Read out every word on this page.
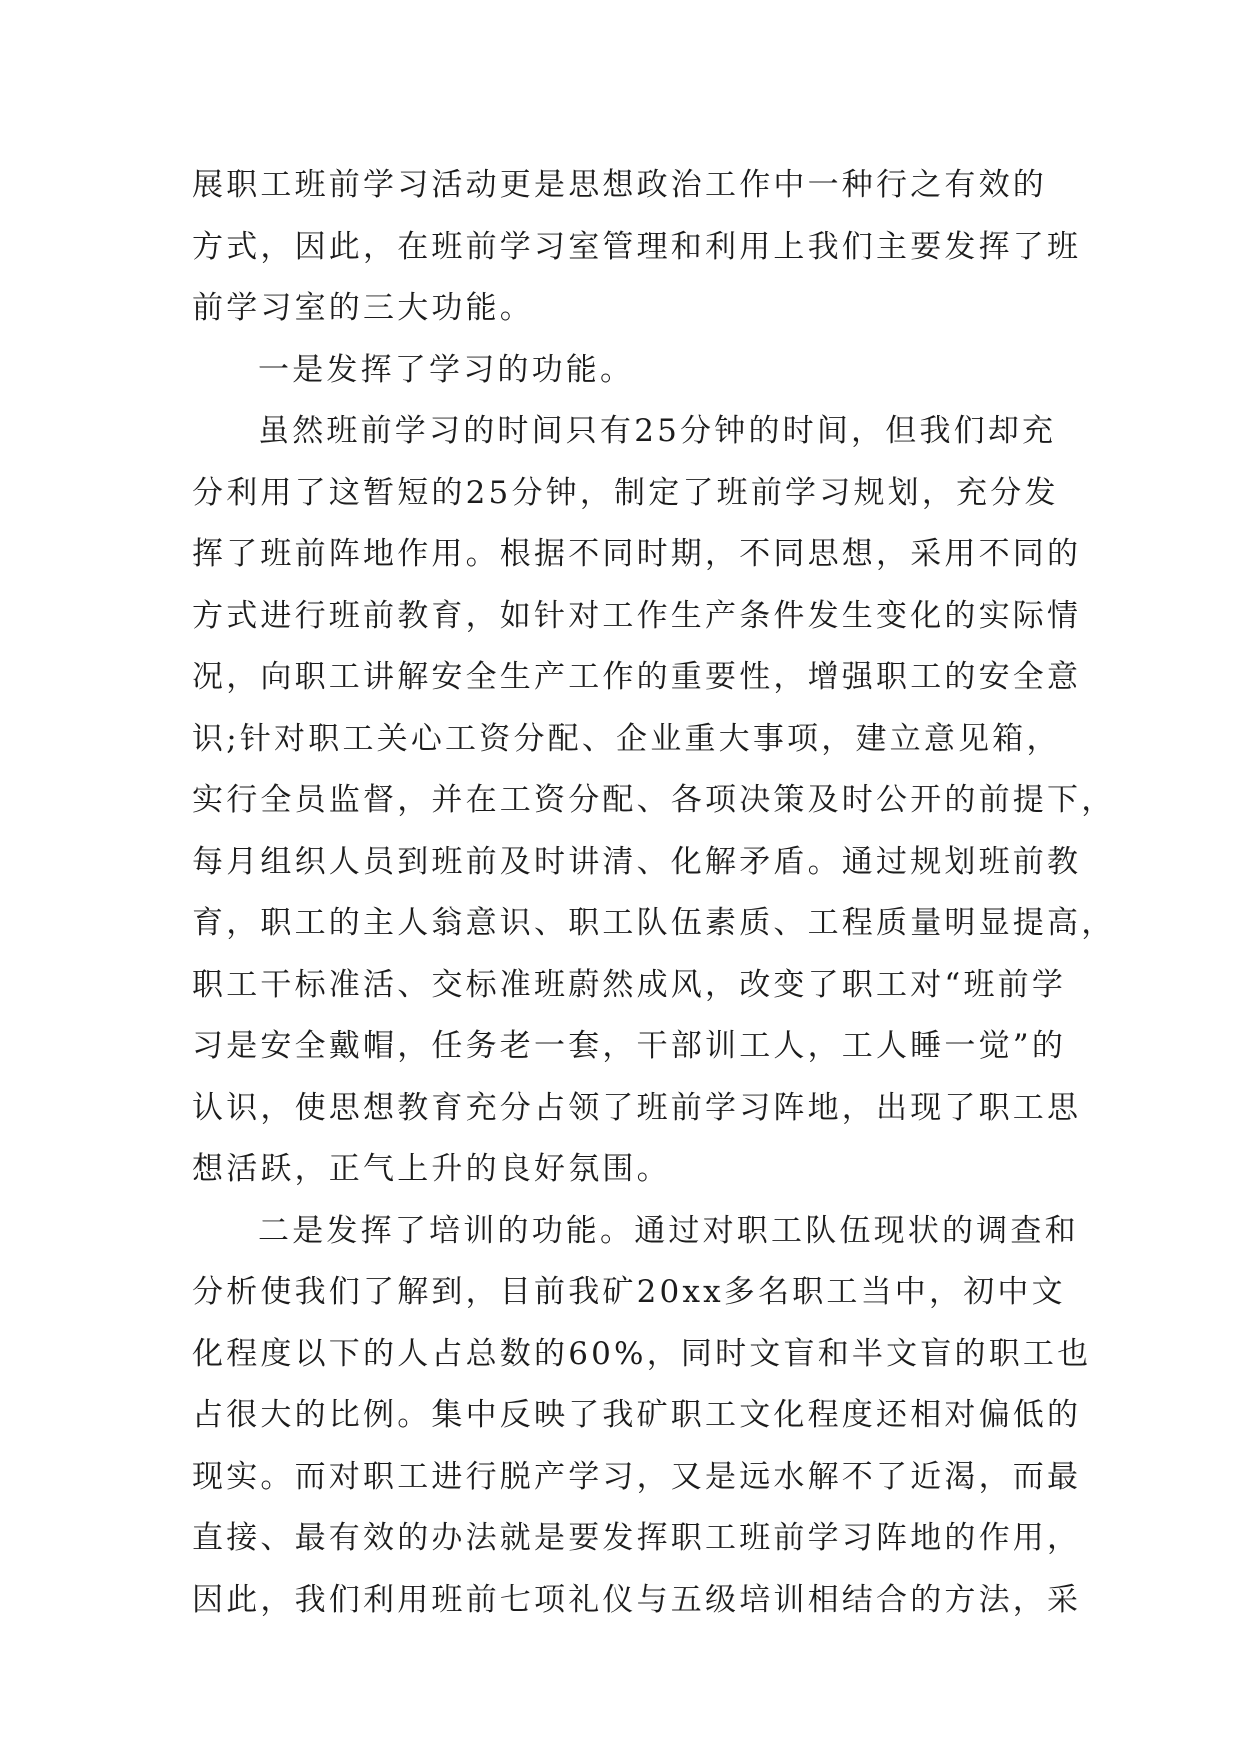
展职工班前学习活动更是思想政治工作中一种行之有效的
方式，因此，在班前学习室管理和利用上我们主要发挥了班
前学习室的三大功能。
一是发挥了学习的功能。
虽然班前学习的时间只有25分钟的时间，但我们却充
分利用了这暂短的25分钟，制定了班前学习规划，充分发
挥了班前阵地作用。根据不同时期，不同思想，采用不同的
方式进行班前教育，如针对工作生产条件发生变化的实际情
况，向职工讲解安全生产工作的重要性，增强职工的安全意
识;针对职工关心工资分配、企业重大事项，建立意见箱，
实行全员监督，并在工资分配、各项决策及时公开的前提下，
每月组织人员到班前及时讲清、化解矛盾。通过规划班前教
育，职工的主人翁意识、职工队伍素质、工程质量明显提高，
职工干标准活、交标准班蔚然成风，改变了职工对“班前学
习是安全戴帽，任务老一套，干部训工人，工人睡一觉”的
认识，使思想教育充分占领了班前学习阵地，出现了职工思
想活跃，正气上升的良好氛围。
二是发挥了培训的功能。通过对职工队伍现状的调查和
分析使我们了解到，目前我矿20xx多名职工当中，初中文
化程度以下的人占总数的60%，同时文盲和半文盲的职工也
占很大的比例。集中反映了我矿职工文化程度还相对偏低的
现实。而对职工进行脱产学习，又是远水解不了近渴，而最
直接、最有效的办法就是要发挥职工班前学习阵地的作用，
因此，我们利用班前七项礼仪与五级培训相结合的方法，采
